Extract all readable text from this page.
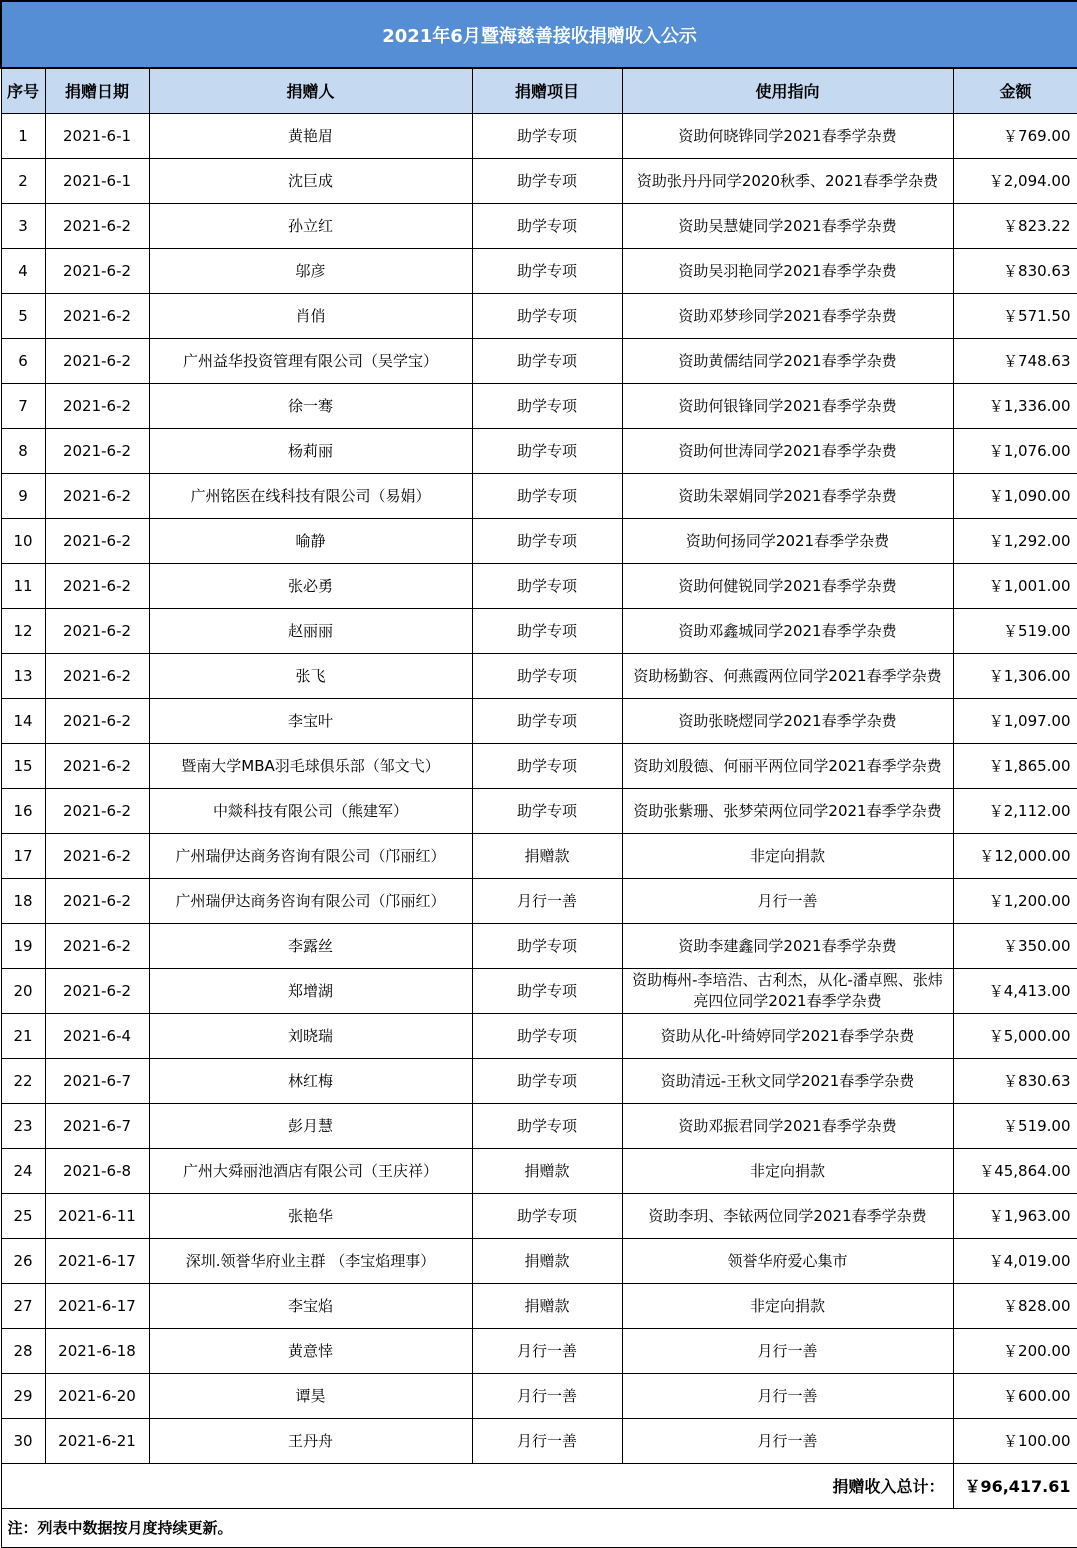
2021年6月暨海慈善接收捐赠收入公示					
序号	捐赠日期	捐赠人	捐赠项目	使用指向	金额
1	2021-6-1	黄艳眉	助学专项	资助何晓铧同学2021春季学杂费	￥769.00
2	2021-6-1	沈巨成	助学专项	资助张丹丹同学2020秋季、2021春季学杂费	￥2,094.00
3	2021-6-2	孙立红	助学专项	资助吴慧婕同学2021春季学杂费	￥823.22
4	2021-6-2	邬彦	助学专项	资助吴羽艳同学2021春季学杂费	￥830.63
5	2021-6-2	肖俏	助学专项	资助邓梦珍同学2021春季学杂费	￥571.50
6	2021-6-2	广州益华投资管理有限公司（吴学宝）	助学专项	资助黄儒结同学2021春季学杂费	￥748.63
7	2021-6-2	徐一骞	助学专项	资助何银锋同学2021春季学杂费	￥1,336.00
8	2021-6-2	杨莉丽	助学专项	资助何世涛同学2021春季学杂费	￥1,076.00
9	2021-6-2	广州铭医在线科技有限公司（易娟）	助学专项	资助朱翠娟同学2021春季学杂费	￥1,090.00
10	2021-6-2	喻静	助学专项	资助何扬同学2021春季学杂费	￥1,292.00
11	2021-6-2	张必勇	助学专项	资助何健锐同学2021春季学杂费	￥1,001.00
12	2021-6-2	赵丽丽	助学专项	资助邓鑫城同学2021春季学杂费	￥519.00
13	2021-6-2	张飞	助学专项	资助杨勤容、何燕霞两位同学2021春季学杂费	￥1,306.00
14	2021-6-2	李宝叶	助学专项	资助张晓熤同学2021春季学杂费	￥1,097.00
15	2021-6-2	暨南大学MBA羽毛球俱乐部（邹文弋）	助学专项	资助刘殷德、何丽平两位同学2021春季学杂费	￥1,865.00
16	2021-6-2	中燚科技有限公司（熊建军）	助学专项	资助张紫珊、张梦荣两位同学2021春季学杂费	￥2,112.00
17	2021-6-2	广州瑞伊达商务咨询有限公司（邝丽红）	捐赠款	非定向捐款	￥12,000.00
18	2021-6-2	广州瑞伊达商务咨询有限公司（邝丽红）	月行一善	月行一善	￥1,200.00
19	2021-6-2	李露丝	助学专项	资助李建鑫同学2021春季学杂费	￥350.00
20	2021-6-2	郑增湖	助学专项	资助梅州-李培浩、古利杰，从化-潘卓熙、张炜亮四位同学2021春季学杂费	￥4,413.00
21	2021-6-4	刘晓瑞	助学专项	资助从化-叶绮婷同学2021春季学杂费	￥5,000.00
22	2021-6-7	林红梅	助学专项	资助清远-王秋文同学2021春季学杂费	￥830.63
23	2021-6-7	彭月慧	助学专项	资助邓振君同学2021春季学杂费	￥519.00
24	2021-6-8	广州大舜丽池酒店有限公司（王庆祥）	捐赠款	非定向捐款	￥45,864.00
25	2021-6-11	张艳华	助学专项	资助李玥、李铱两位同学2021春季学杂费	￥1,963.00
26	2021-6-17	深圳.领誉华府业主群 （李宝焰理事）	捐赠款	领誉华府爱心集市	￥4,019.00
27	2021-6-17	李宝焰	捐赠款	非定向捐款	￥828.00
28	2021-6-18	黄意悻	月行一善	月行一善	￥200.00
29	2021-6-20	谭昊	月行一善	月行一善	￥600.00
30	2021-6-21	王丹舟	月行一善	月行一善	￥100.00
捐赠收入总计：					￥96,417.61
注：列表中数据按月度持续更新。					
